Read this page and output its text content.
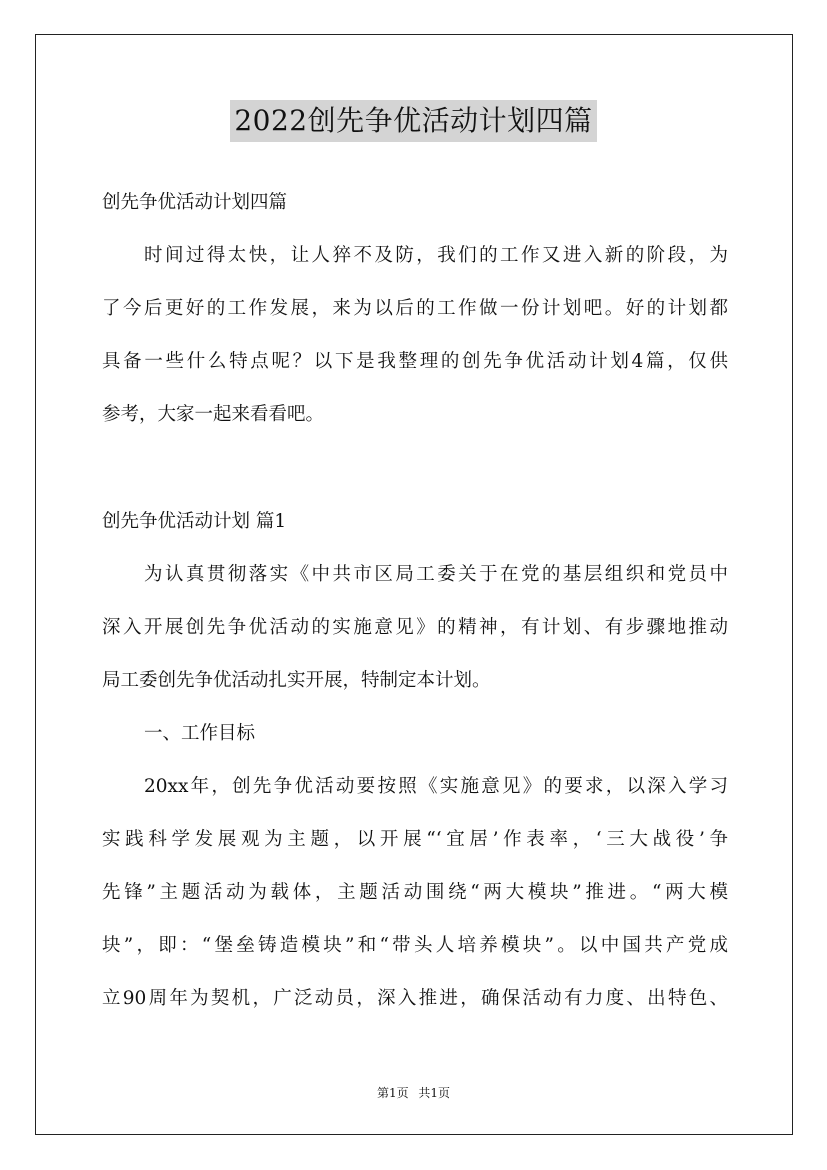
2022创先争优活动计划四篇
创先争优活动计划四篇
时间过得太快，让人猝不及防，我们的工作又进入新的阶段，为
了今后更好的工作发展，来为以后的工作做一份计划吧。好的计划都
具备一些什么特点呢？以下是我整理的创先争优活动计划4篇，仅供
参考，大家一起来看看吧。
创先争优活动计划 篇1
为认真贯彻落实《中共市区局工委关于在党的基层组织和党员中
深入开展创先争优活动的实施意见》的精神，有计划、有步骤地推动
局工委创先争优活动扎实开展，特制定本计划。
一、工作目标
20xx年，创先争优活动要按照《实施意见》的要求，以深入学习
实践科学发展观为主题，以开展“‘宜居’作表率，‘三大战役’争
先锋”主题活动为载体，主题活动围绕“两大模块”推进。“两大模
块”，即：“堡垒铸造模块”和“带头人培养模块”。以中国共产党成
立90周年为契机，广泛动员，深入推进，确保活动有力度、出特色、
第1页 共1页
